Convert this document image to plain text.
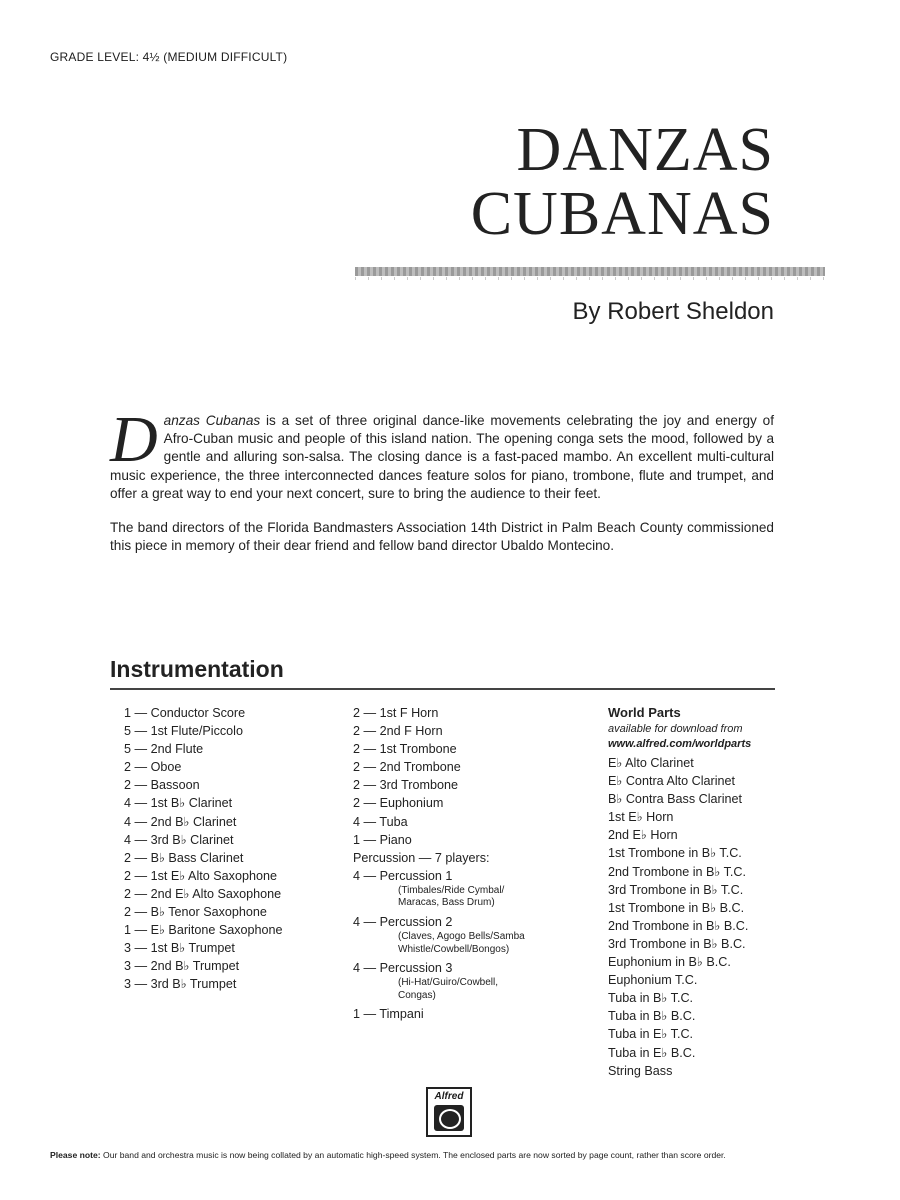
GRADE LEVEL: 4½ (MEDIUM DIFFICULT)
DANZAS
CUBANAS
By Robert Sheldon

Danzas Cubanas is a set of three original dance-like movements celebrating the joy and energy of Afro-Cuban music and people of this island nation. The opening conga sets the mood, followed by a gentle and alluring son-salsa. The closing dance is a fast-paced mambo. An excellent multi-cultural music experience, the three interconnected dances feature solos for piano, trombone, flute and trumpet, and offer a great way to end your next concert, sure to bring the audience to their feet.

The band directors of the Florida Bandmasters Association 14th District in Palm Beach County commissioned this piece in memory of their dear friend and fellow band director Ubaldo Montecino.

Instrumentation
1 — Conductor Score
5 — 1st Flute/Piccolo
5 — 2nd Flute
2 — Oboe
2 — Bassoon
4 — 1st B♭ Clarinet
4 — 2nd B♭ Clarinet
4 — 3rd B♭ Clarinet
2 — B♭ Bass Clarinet
2 — 1st E♭ Alto Saxophone
2 — 2nd E♭ Alto Saxophone
2 — B♭ Tenor Saxophone
1 — E♭ Baritone Saxophone
3 — 1st B♭ Trumpet
3 — 2nd B♭ Trumpet
3 — 3rd B♭ Trumpet
2 — 1st F Horn
2 — 2nd F Horn
2 — 1st Trombone
2 — 2nd Trombone
2 — 3rd Trombone
2 — Euphonium
4 — Tuba
1 — Piano
Percussion — 7 players:
4 — Percussion 1
(Timbales/Ride Cymbal/
Maracas, Bass Drum)
4 — Percussion 2
(Claves, Agogo Bells/Samba
Whistle/Cowbell/Bongos)
4 — Percussion 3
(Hi-Hat/Guiro/Cowbell,
Congas)
1 — Timpani
World Parts
available for download from
www.alfred.com/worldparts
E♭ Alto Clarinet
E♭ Contra Alto Clarinet
B♭ Contra Bass Clarinet
1st E♭ Horn
2nd E♭ Horn
1st Trombone in B♭ T.C.
2nd Trombone in B♭ T.C.
3rd Trombone in B♭ T.C.
1st Trombone in B♭ B.C.
2nd Trombone in B♭ B.C.
3rd Trombone in B♭ B.C.
Euphonium in B♭ B.C.
Euphonium T.C.
Tuba in B♭ T.C.
Tuba in B♭ B.C.
Tuba in E♭ T.C.
Tuba in E♭ B.C.
String Bass
Alfred
Please note: Our band and orchestra music is now being collated by an automatic high-speed system. The enclosed parts are now sorted by page count, rather than score order.
